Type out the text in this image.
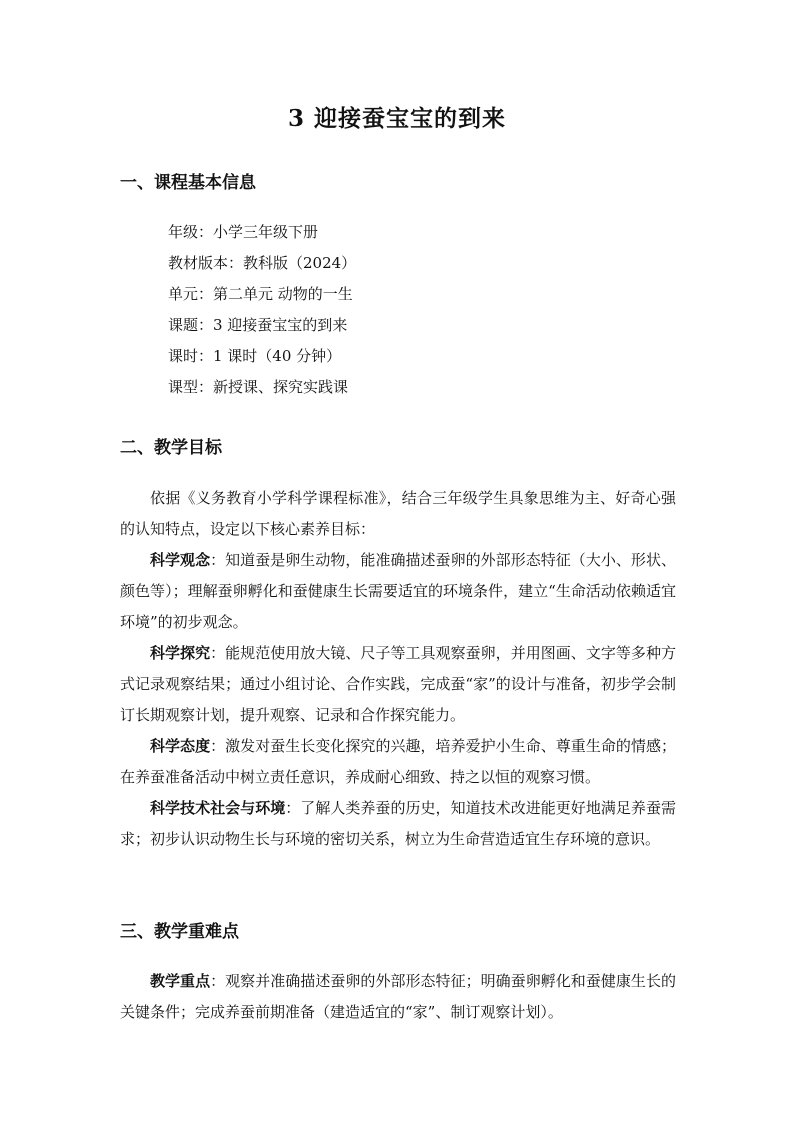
3 迎接蚕宝宝的到来
一、课程基本信息
年级：小学三年级下册
教材版本：教科版（2024）
单元：第二单元 动物的一生
课题：3 迎接蚕宝宝的到来
课时：1 课时（40 分钟）
课型：新授课、探究实践课
二、教学目标
依据《义务教育小学科学课程标准》，结合三年级学生具象思维为主、好奇心强的认知特点，设定以下核心素养目标：
科学观念：知道蚕是卵生动物，能准确描述蚕卵的外部形态特征（大小、形状、颜色等）；理解蚕卵孵化和蚕健康生长需要适宜的环境条件，建立“生命活动依赖适宜环境”的初步观念。
科学探究：能规范使用放大镜、尺子等工具观察蚕卵，并用图画、文字等多种方式记录观察结果；通过小组讨论、合作实践，完成蚕“家”的设计与准备，初步学会制订长期观察计划，提升观察、记录和合作探究能力。
科学态度：激发对蚕生长变化探究的兴趣，培养爱护小生命、尊重生命的情感；在养蚕准备活动中树立责任意识，养成耐心细致、持之以恒的观察习惯。
科学技术社会与环境：了解人类养蚕的历史，知道技术改进能更好地满足养蚕需求；初步认识动物生长与环境的密切关系，树立为生命营造适宜生存环境的意识。
三、教学重难点
教学重点：观察并准确描述蚕卵的外部形态特征；明确蚕卵孵化和蚕健康生长的关键条件；完成养蚕前期准备（建造适宜的“家”、制订观察计划）。
